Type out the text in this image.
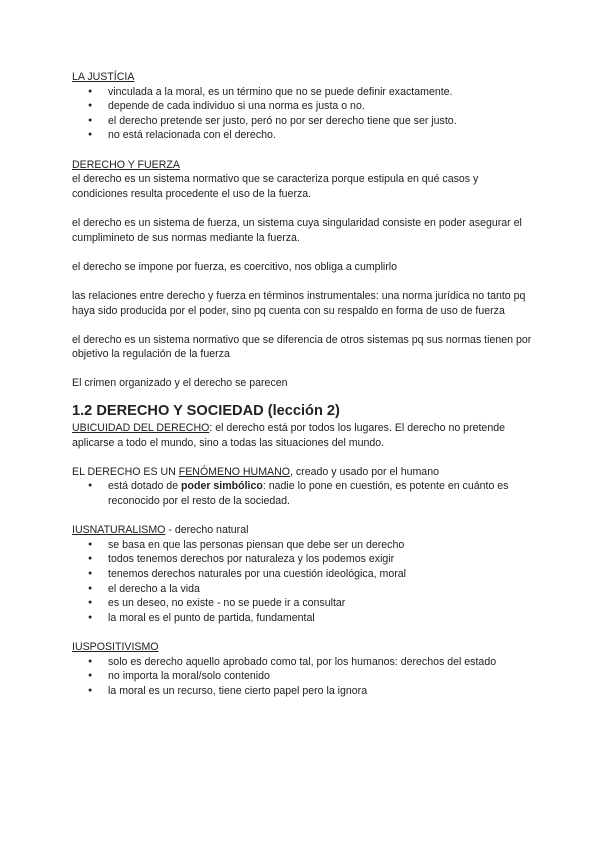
LA JUSTÍCIA

● vinculada a la moral, es un término que no se puede definir exactamente.
● depende de cada individuo si una norma es justa o no.
● el derecho pretende ser justo, peró no por ser derecho tiene que ser justo.
● no está relacionada con el derecho.

DERECHO Y FUERZA

el derecho es un sistema normativo que se caracteriza porque estipula en qué casos y condiciones resulta procedente el uso de la fuerza.

el derecho es un sistema de fuerza, un sistema cuya singularidad consiste en poder asegurar el cumplimineto de sus normas mediante la fuerza.

el derecho se impone por fuerza, es coercitivo, nos obliga a cumplirlo

las relaciones entre derecho y fuerza en términos instrumentales: una norma jurídica no tanto pq haya sido producida por el poder, sino pq cuenta con su respaldo en forma de uso de fuerza

el derecho es un sistema normativo que se diferencia de otros sistemas pq sus normas tienen por objetivo la regulación de la fuerza

El crimen organizado y el derecho se parecen

1.2 DERECHO Y SOCIEDAD (lección 2)

UBICUIDAD DEL DERECHO: el derecho está por todos los lugares. El derecho no pretende aplicarse a todo el mundo, sino a todas las situaciones del mundo.

EL DERECHO ES UN FENÓMENO HUMANO, creado y usado por el humano

● está dotado de poder simbólico: nadie lo pone en cuestión, es potente en cuánto es reconocido por el resto de la sociedad.

IUSNATURALISMO - derecho natural

● se basa en que las personas piensan que debe ser un derecho
● todos tenemos derechos por naturaleza y los podemos exigir
● tenemos derechos naturales por una cuestión ideológica, moral
● el derecho a la vida
● es un deseo, no existe - no se puede ir a consultar
● la moral es el punto de partida, fundamental

IUSPOSITIVISMO

● solo es derecho aquello aprobado como tal, por los humanos: derechos del estado
● no importa la moral/solo contenido
● la moral es un recurso, tiene cierto papel pero la ignora
